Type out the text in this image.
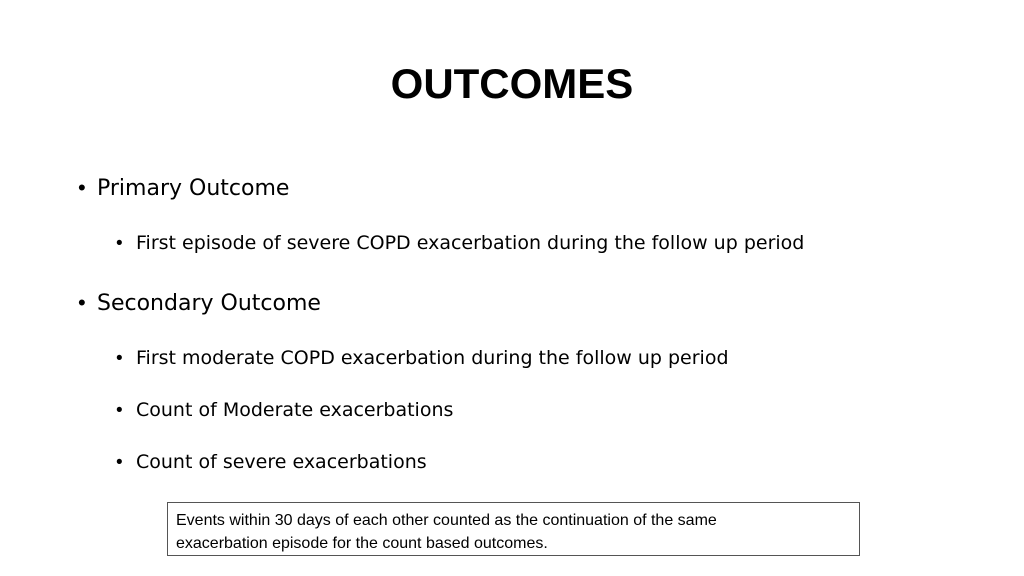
OUTCOMES
• Primary Outcome
• First episode of severe COPD exacerbation during the follow up period
• Secondary Outcome
• First moderate COPD exacerbation during the follow up period
• Count of Moderate exacerbations
• Count of severe exacerbations
Events within 30 days of each other counted as the continuation of the same
exacerbation episode for the count based outcomes.
